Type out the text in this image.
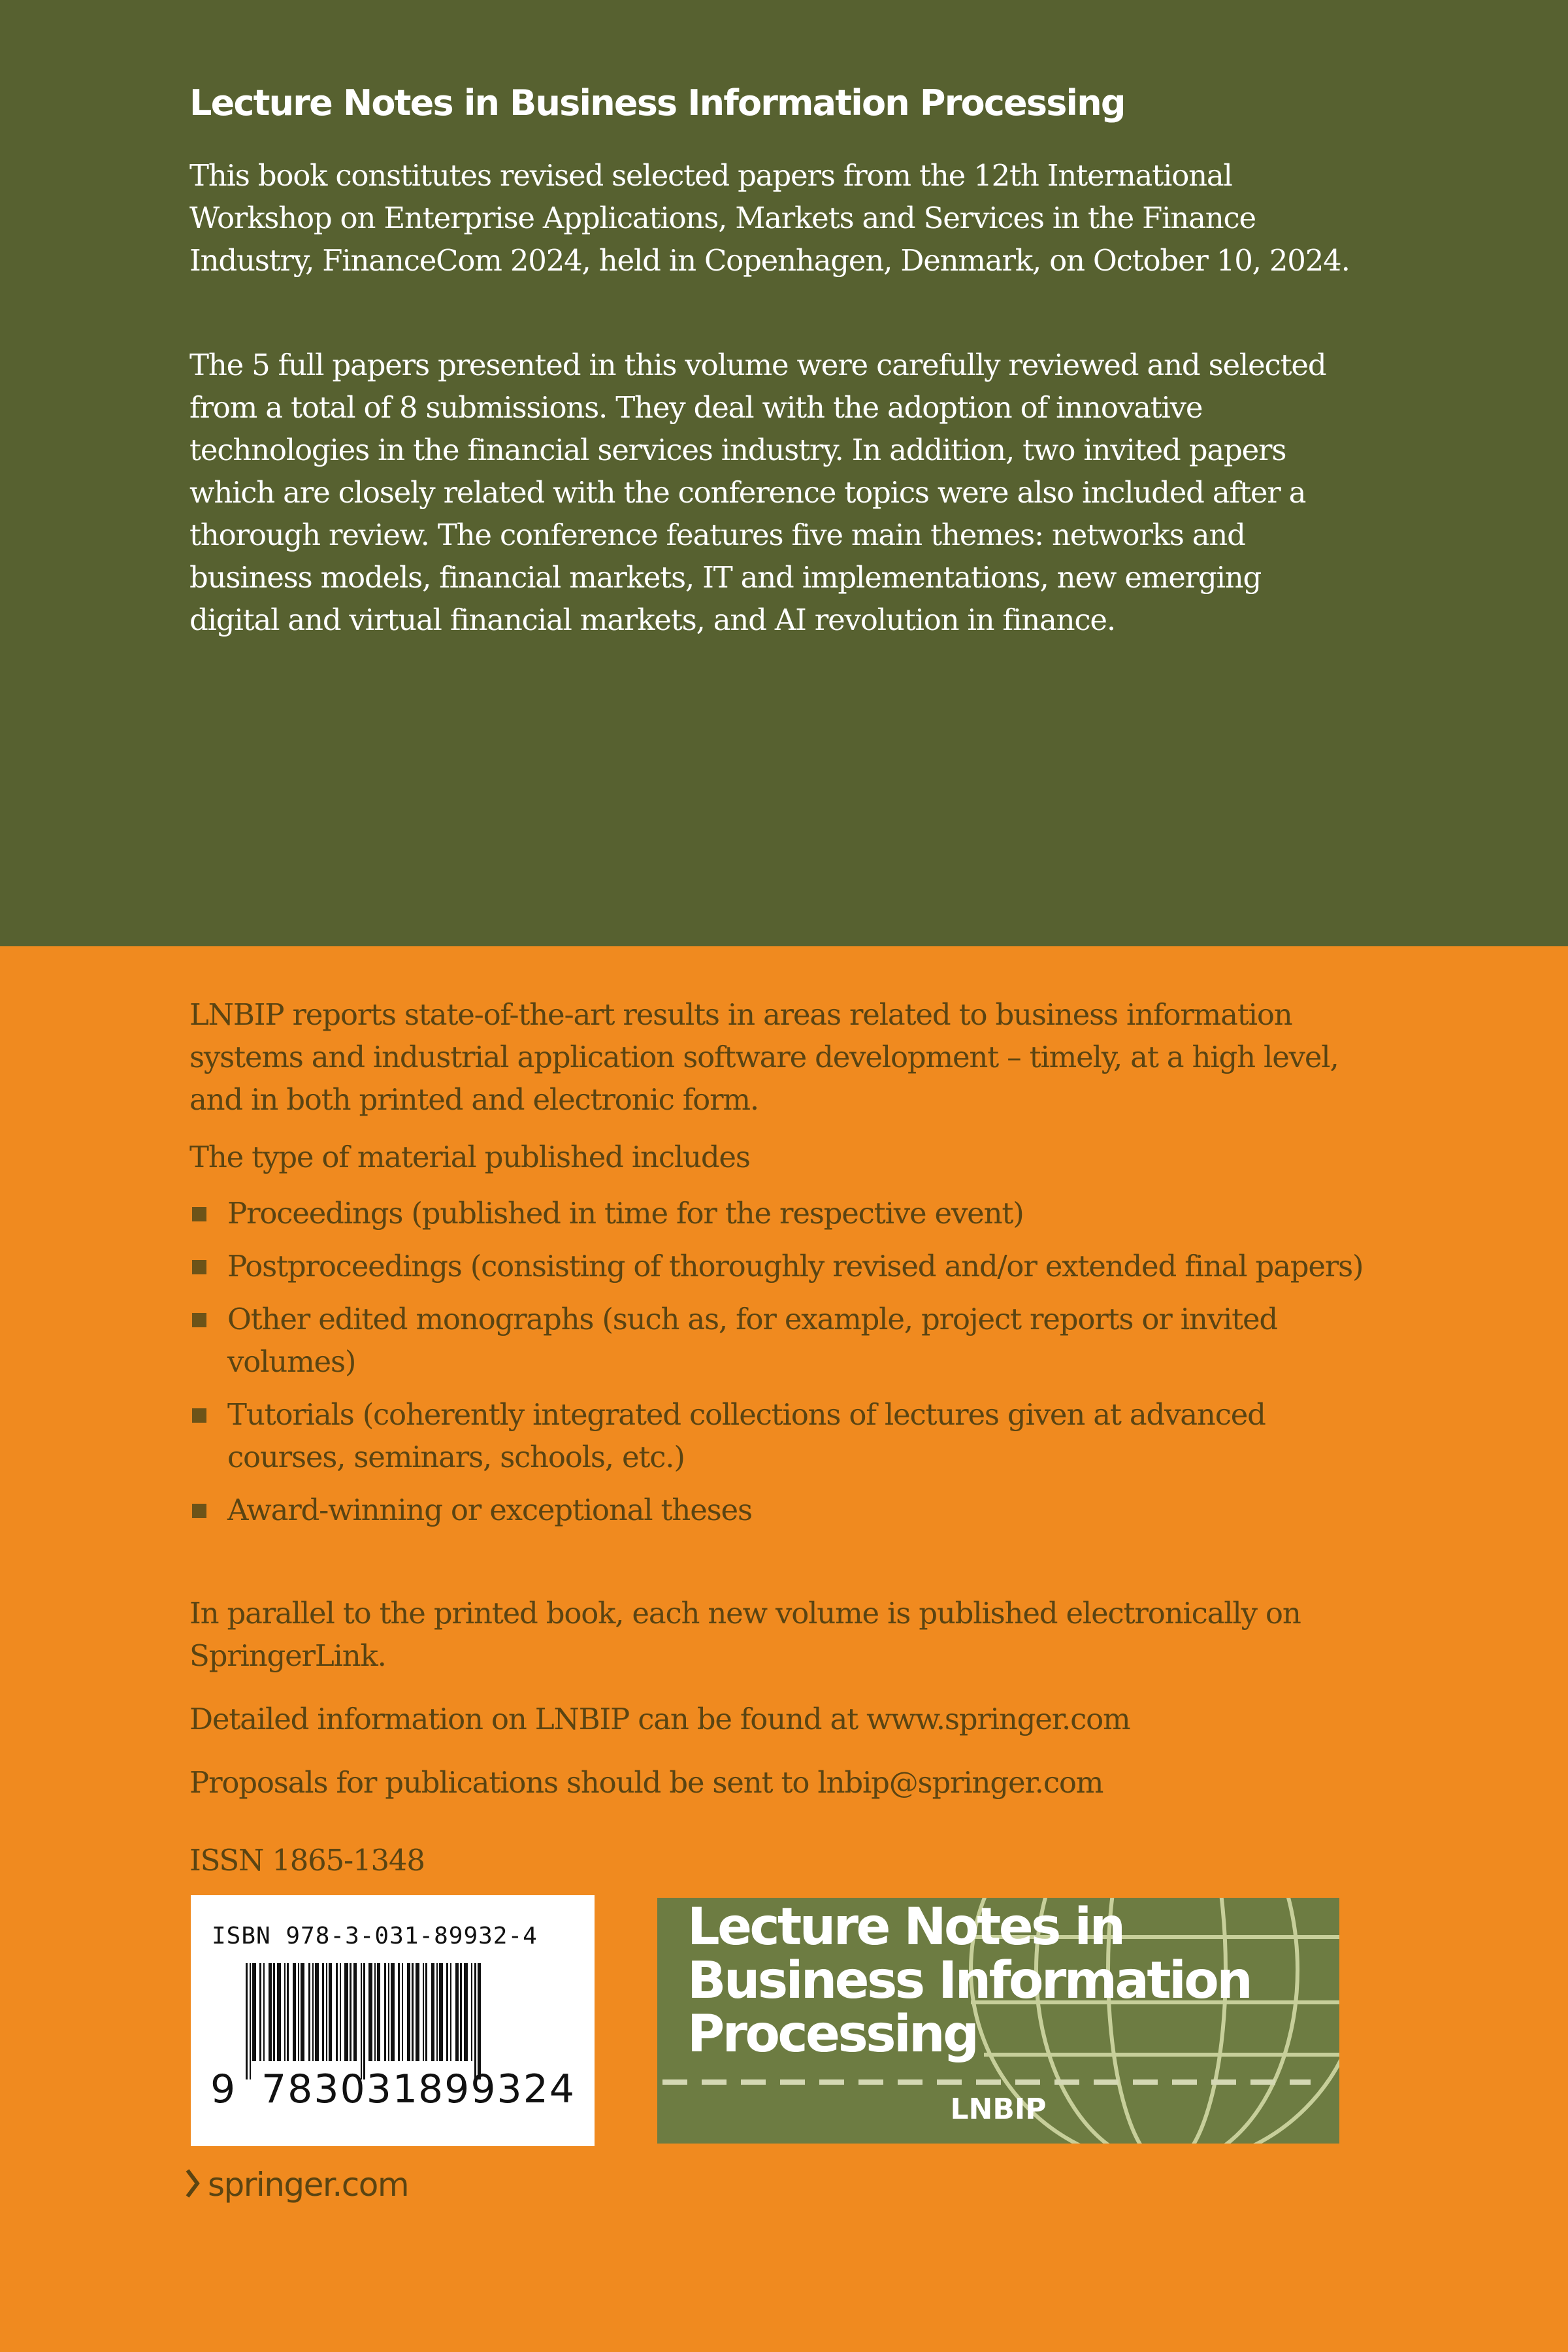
Lecture Notes in Business Information Processing

This book constitutes revised selected papers from the 12th International Workshop on Enterprise Applications, Markets and Services in the Finance Industry, FinanceCom 2024, held in Copenhagen, Denmark, on October 10, 2024.

The 5 full papers presented in this volume were carefully reviewed and selected from a total of 8 submissions. They deal with the adoption of innovative technologies in the financial services industry. In addition, two invited papers which are closely related with the conference topics were also included after a thorough review. The conference features five main themes: networks and business models, financial markets, IT and implementations, new emerging digital and virtual financial markets, and AI revolution in finance.

LNBIP reports state-of-the-art results in areas related to business information systems and industrial application software development – timely, at a high level, and in both printed and electronic form.

The type of material published includes

Proceedings (published in time for the respective event)
Postproceedings (consisting of thoroughly revised and/or extended final papers)
Other edited monographs (such as, for example, project reports or invited volumes)
Tutorials (coherently integrated collections of lectures given at advanced courses, seminars, schools, etc.)
Award-winning or exceptional theses

In parallel to the printed book, each new volume is published electronically on SpringerLink.

Detailed information on LNBIP can be found at www.springer.com

Proposals for publications should be sent to lnbip@springer.com

ISSN 1865-1348

ISBN 978-3-031-89932-4
9 783031
899324
Lecture Notes in
Business Information
Processing
LNBIP
springer.com
